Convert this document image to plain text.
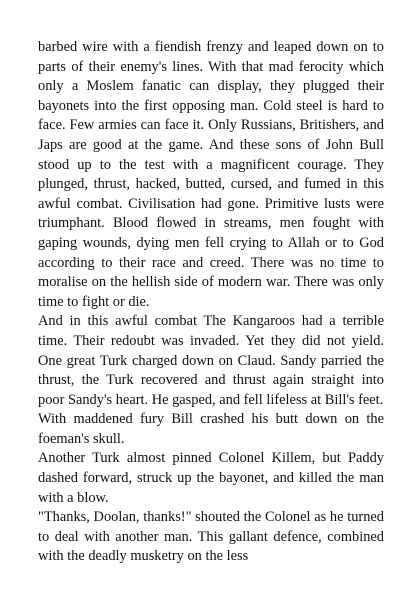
barbed wire with a fiendish frenzy and leaped down on to parts of their enemy's lines. With that mad ferocity which only a Moslem fanatic can display, they plugged their bayonets into the first opposing man. Cold steel is hard to face. Few armies can face it. Only Russians, Britishers, and Japs are good at the game. And these sons of John Bull stood up to the test with a magnificent courage. They plunged, thrust, hacked, butted, cursed, and fumed in this awful combat. Civilisation had gone. Primitive lusts were triumphant. Blood flowed in streams, men fought with gaping wounds, dying men fell crying to Allah or to God according to their race and creed. There was no time to moralise on the hellish side of modern war. There was only time to fight or die.

And in this awful combat The Kangaroos had a terrible time. Their redoubt was invaded. Yet they did not yield. One great Turk charged down on Claud. Sandy parried the thrust, the Turk recovered and thrust again straight into poor Sandy's heart. He gasped, and fell lifeless at Bill's feet.

With maddened fury Bill crashed his butt down on the foeman's skull.

Another Turk almost pinned Colonel Killem, but Paddy dashed forward, struck up the bayonet, and killed the man with a blow.

"Thanks, Doolan, thanks!" shouted the Colonel as he turned to deal with another man. This gallant defence, combined with the deadly musketry on the less
